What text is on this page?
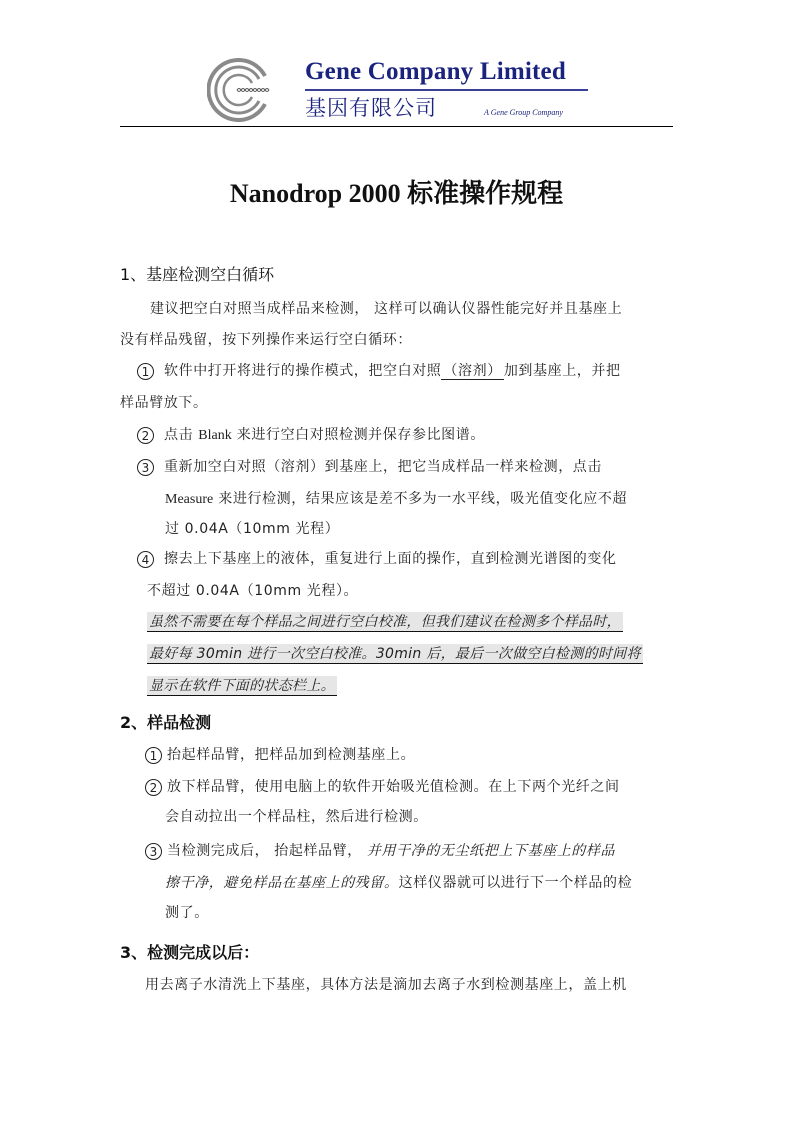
Gene Company Limited
基因有限公司	A Gene Group Company
Nanodrop 2000 标准操作规程
1、基座检测空白循环
建议把空白对照当成样品来检测， 这样可以确认仪器性能完好并且基座上
没有样品残留，按下列操作来运行空白循环：
1 软件中打开将进行的操作模式，把空白对照 （溶剂） 加到基座上，并把
样品臂放下。
2 点击 Blank 来进行空白对照检测并保存参比图谱。
3 重新加空白对照（溶剂）到基座上，把它当成样品一样来检测，点击
Measure 来进行检测，结果应该是差不多为一水平线，吸光值变化应不超
过 0.04A（10mm 光程）
4 擦去上下基座上的液体，重复进行上面的操作，直到检测光谱图的变化
不超过 0.04A（10mm 光程）。
虽然不需要在每个样品之间进行空白校准，但我们建议在检测多个样品时，
最好每 30min 进行一次空白校准。30min 后，最后一次做空白检测的时间将
显示在软件下面的状态栏上。
2、样品检测
1 抬起样品臂，把样品加到检测基座上。
2 放下样品臂，使用电脑上的软件开始吸光值检测。在上下两个光纤之间
会自动拉出一个样品柱，然后进行检测。
3 当检测完成后， 抬起样品臂， 并用干净的无尘纸把上下基座上的样品
擦干净，避免样品在基座上的残留。这样仪器就可以进行下一个样品的检
测了。
3、检测完成以后：
用去离子水清洗上下基座，具体方法是滴加去离子水到检测基座上，盖上机
